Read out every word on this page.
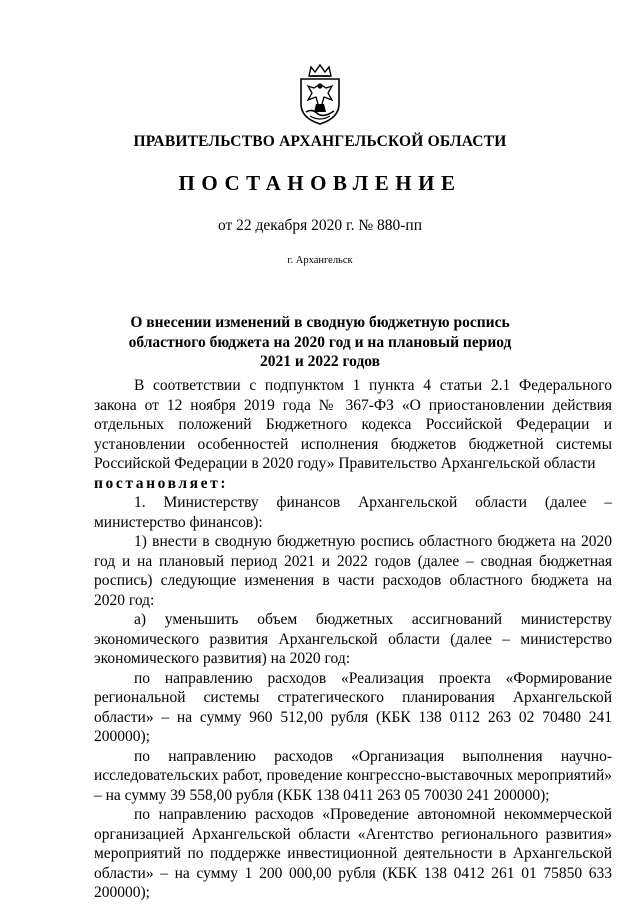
ПРАВИТЕЛЬСТВО АРХАНГЕЛЬСКОЙ ОБЛАСТИ
ПОСТАНОВЛЕНИЕ
от 22 декабря 2020 г. № 880-пп
г. Архангельск
О внесении изменений в сводную бюджетную роспись
областного бюджета на 2020 год и на плановый период
2021 и 2022 годов

В соответствии с подпунктом 1 пункта 4 статьи 2.1 Федерального закона от 12 ноября 2019 года № 367-ФЗ «О приостановлении действия отдельных положений Бюджетного кодекса Российской Федерации и установлении особенностей исполнения бюджетов бюджетной системы Российской Федерации в 2020 году» Правительство Архангельской области

постановляет:

1. Министерству финансов Архангельской области (далее – министерство финансов):

1) внести в сводную бюджетную роспись областного бюджета на 2020 год и на плановый период 2021 и 2022 годов (далее – сводная бюджетная роспись) следующие изменения в части расходов областного бюджета на 2020 год:

а) уменьшить объем бюджетных ассигнований министерству экономического развития Архангельской области (далее – министерство экономического развития) на 2020 год:

по направлению расходов «Реализация проекта «Формирование региональной системы стратегического планирования Архангельской области» – на сумму 960 512,00 рубля (КБК 138 0112 263 02 70480 241 200000);

по направлению расходов «Организация выполнения научно-исследовательских работ, проведение конгрессно-выставочных мероприятий» – на сумму 39 558,00 рубля (КБК 138 0411 263 05 70030 241 200000);

по направлению расходов «Проведение автономной некоммерческой организацией Архангельской области «Агентство регионального развития» мероприятий по поддержке инвестиционной деятельности в Архангельской области» – на сумму 1 200 000,00 рубля (КБК 138 0412 261 01 75850 633 200000);
